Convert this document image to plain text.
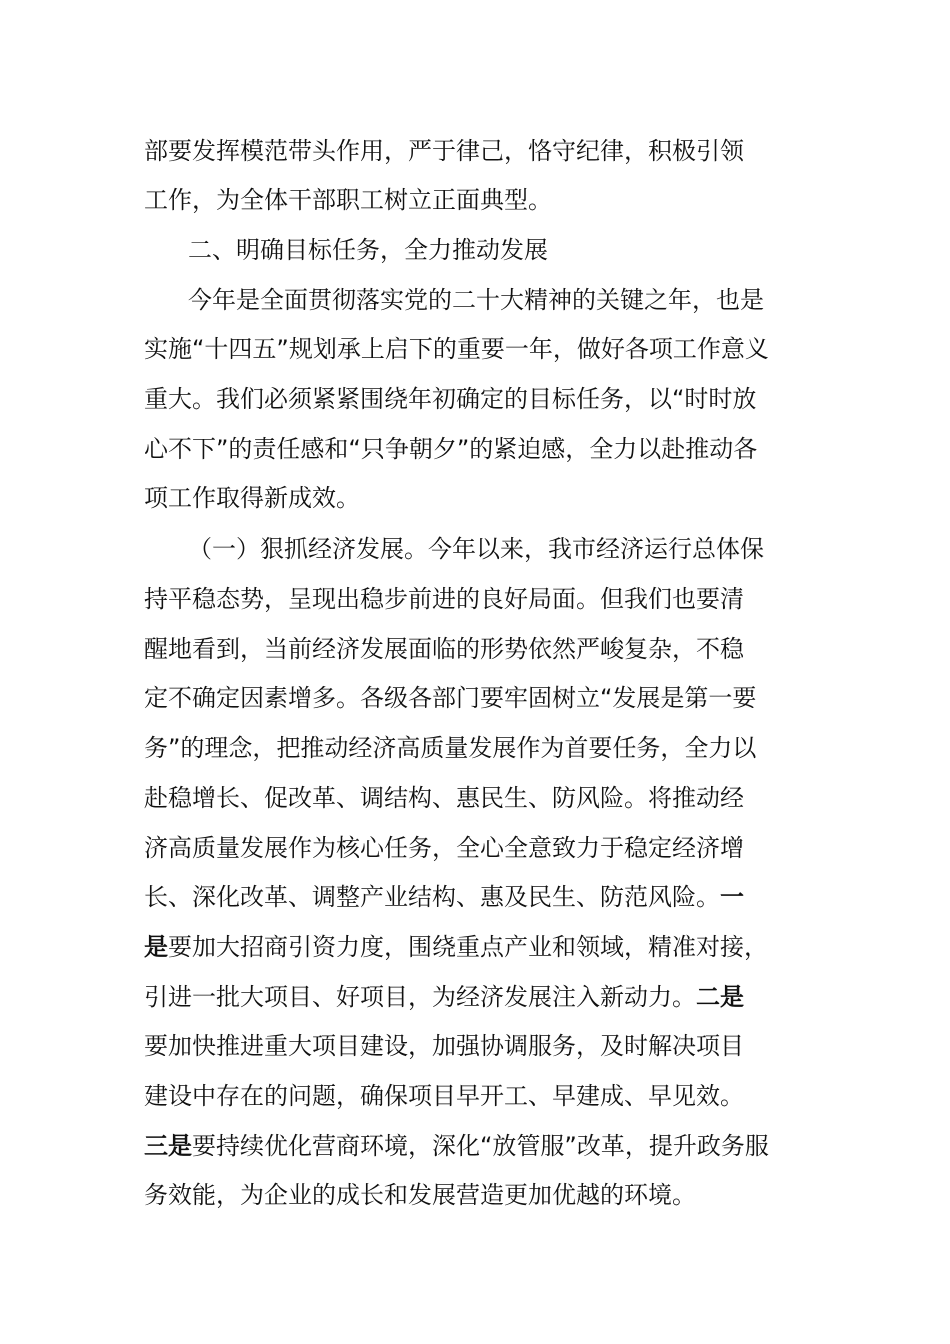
部要发挥模范带头作用，严于律己，恪守纪律，积极引领
工作，为全体干部职工树立正面典型。
二、明确目标任务，全力推动发展
今年是全面贯彻落实党的二十大精神的关键之年，也是
实施“十四五”规划承上启下的重要一年，做好各项工作意义
重大。我们必须紧紧围绕年初确定的目标任务，以“时时放
心不下”的责任感和“只争朝夕”的紧迫感，全力以赴推动各
项工作取得新成效。
（一）狠抓经济发展。今年以来，我市经济运行总体保
持平稳态势，呈现出稳步前进的良好局面。但我们也要清
醒地看到，当前经济发展面临的形势依然严峻复杂，不稳
定不确定因素增多。各级各部门要牢固树立“发展是第一要
务”的理念，把推动经济高质量发展作为首要任务，全力以
赴稳增长、促改革、调结构、惠民生、防风险。将推动经
济高质量发展作为核心任务，全心全意致力于稳定经济增
长、深化改革、调整产业结构、惠及民生、防范风险。一
是要加大招商引资力度，围绕重点产业和领域，精准对接，
引进一批大项目、好项目，为经济发展注入新动力。二是
要加快推进重大项目建设，加强协调服务，及时解决项目
建设中存在的问题，确保项目早开工、早建成、早见效。
三是要持续优化营商环境，深化“放管服”改革，提升政务服
务效能，为企业的成长和发展营造更加优越的环境。
